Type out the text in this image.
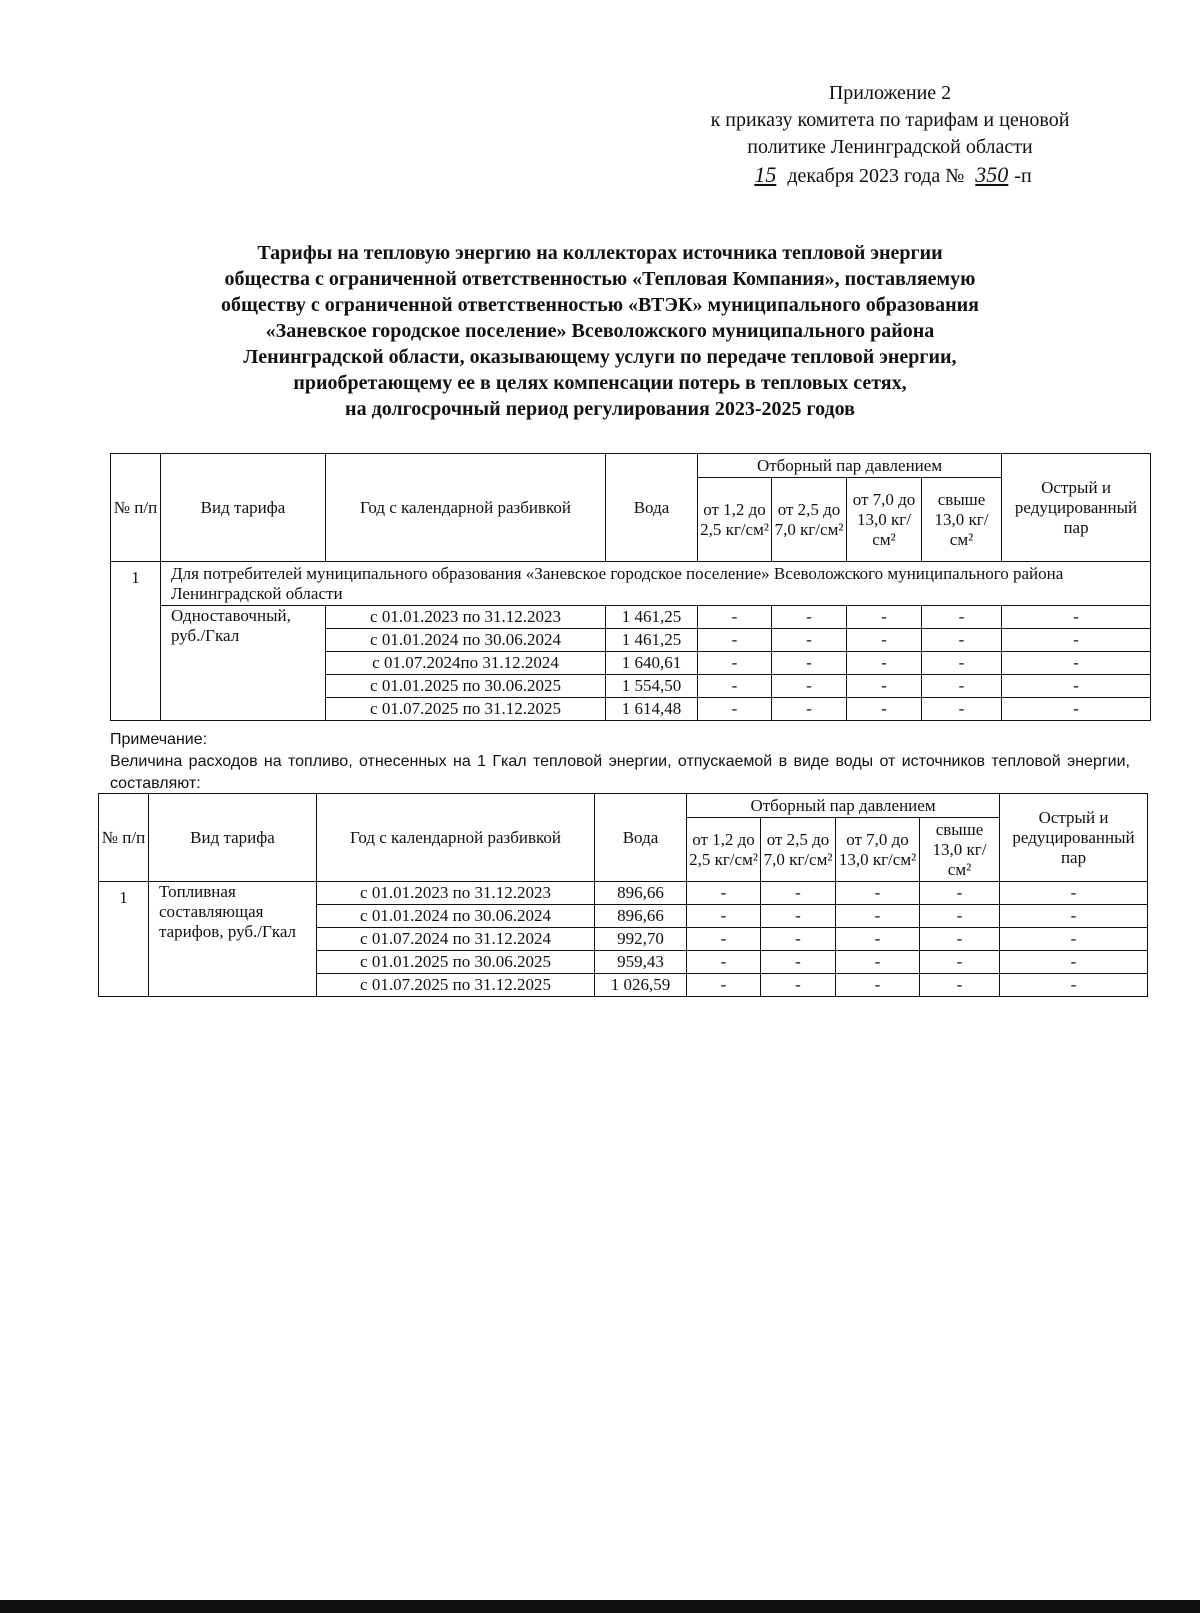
Приложение 2
к приказу комитета по тарифам и ценовой
политике Ленинградской области
15 декабря 2023 года № 350 -п
Тарифы на тепловую энергию на коллекторах источника тепловой энергии
общества с ограниченной ответственностью «Тепловая Компания», поставляемую
обществу с ограниченной ответственностью «ВТЭК» муниципального образования
«Заневское городское поселение» Всеволожского муниципального района
Ленинградской области, оказывающему услуги по передаче тепловой энергии,
приобретающему ее в целях компенсации потерь в тепловых сетях,
на долгосрочный период регулирования 2023-2025 годов
№ п/п	Вид тарифа	Год с календарной разбивкой	Вода	Отборный пар давлением				Острый и редуцированный пар
				от 1,2 до 2,5 кг/см²	от 2,5 до 7,0 кг/см²	от 7,0 до 13,0 кг/см²	свыше 13,0 кг/см²	
1	Для потребителей муниципального образования «Заневское городское поселение» Всеволожского муниципального района Ленинградской области							
	Одноставочный, руб./Гкал	с 01.01.2023 по 31.12.2023	1 461,25	-	-	-	-	-
		с 01.01.2024 по 30.06.2024	1 461,25	-	-	-	-	-
		с 01.07.2024по 31.12.2024	1 640,61	-	-	-	-	-
		с 01.01.2025 по 30.06.2025	1 554,50	-	-	-	-	-
		с 01.07.2025 по 31.12.2025	1 614,48	-	-	-	-	-
Примечание:
Величина расходов на топливо, отнесенных на 1 Гкал тепловой энергии, отпускаемой в виде воды от источников тепловой энергии, составляют:
№ п/п	Вид тарифа	Год с календарной разбивкой	Вода	Отборный пар давлением				Острый и редуцированный пар
				от 1,2 до 2,5 кг/см²	от 2,5 до 7,0 кг/см²	от 7,0 до 13,0 кг/см²	свыше 13,0 кг/см²	
1	Топливная составляющая тарифов, руб./Гкал	с 01.01.2023 по 31.12.2023	896,66	-	-	-	-	-
		с 01.01.2024 по 30.06.2024	896,66	-	-	-	-	-
		с 01.07.2024 по 31.12.2024	992,70	-	-	-	-	-
		с 01.01.2025 по 30.06.2025	959,43	-	-	-	-	-
		с 01.07.2025 по 31.12.2025	1 026,59	-	-	-	-	-
